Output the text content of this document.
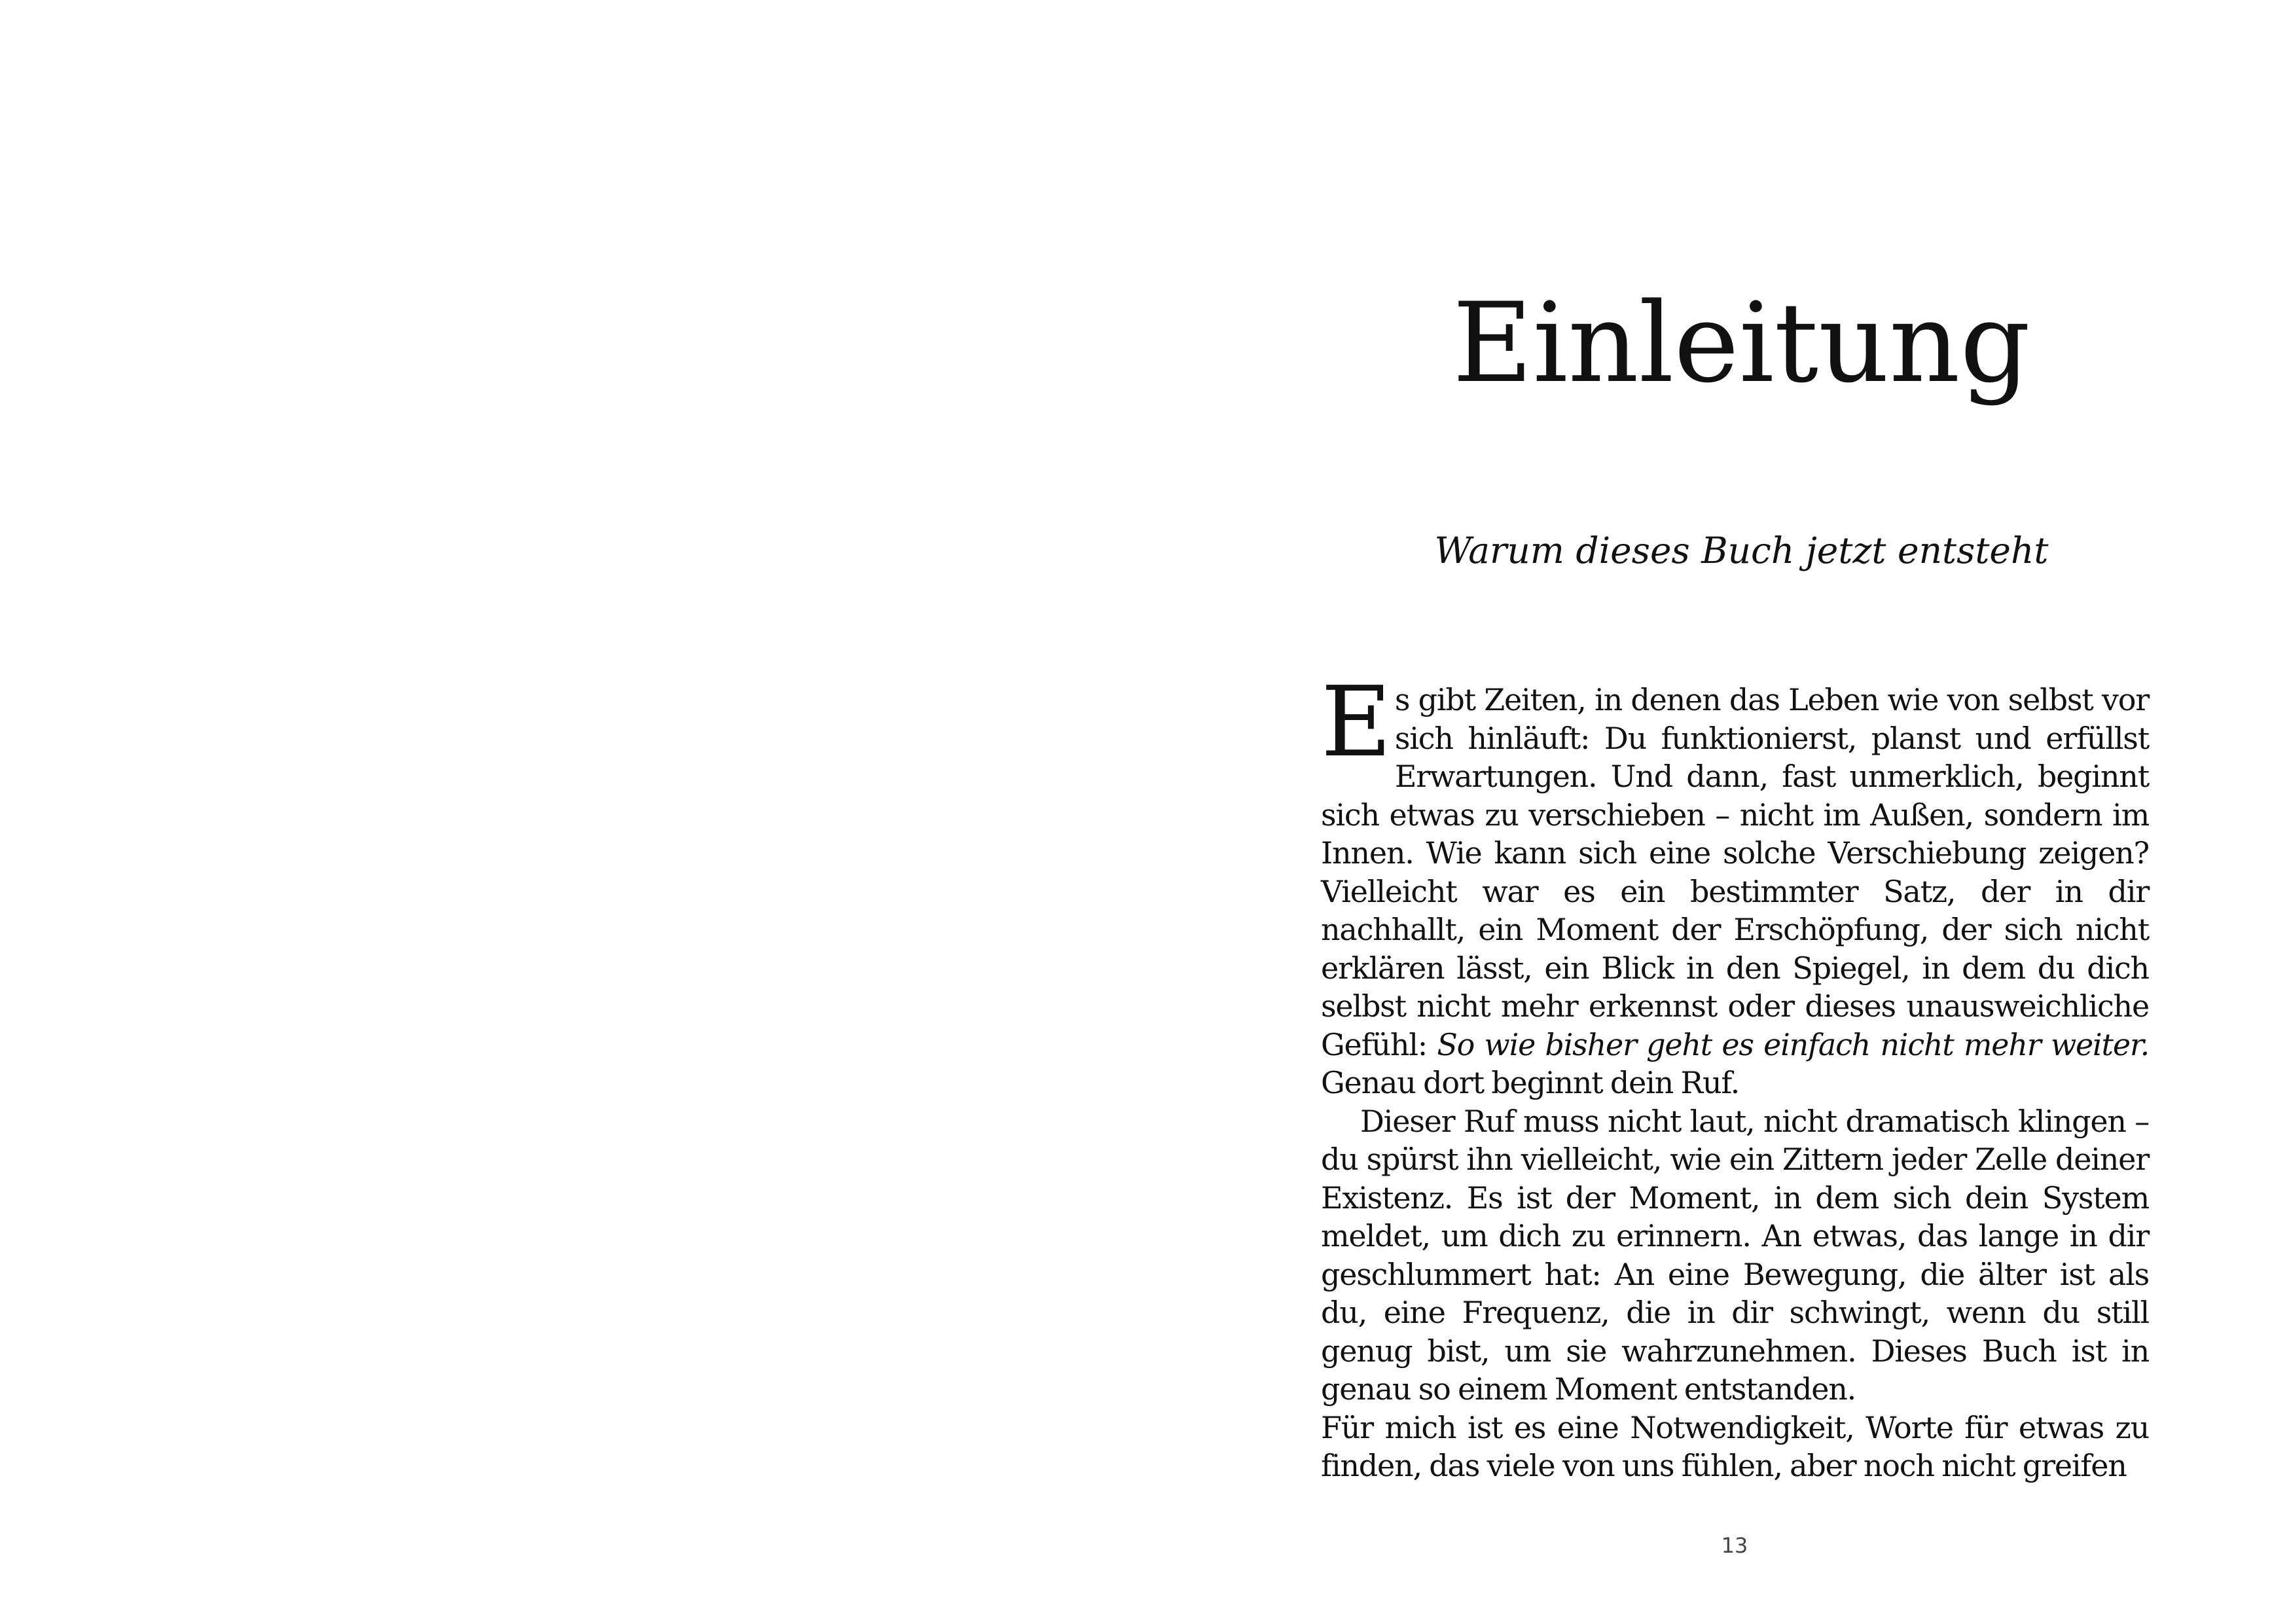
Einleitung
Warum dieses Buch jetzt entsteht

Es gibt Zeiten, in denen das Leben wie von selbst vor sich hinläuft: Du funktionierst, planst und erfüllst Erwartungen. Und dann, fast unmerklich, beginnt sich etwas zu verschieben – nicht im Außen, sondern im Innen. Wie kann sich eine solche Verschiebung zeigen? Vielleicht war es ein bestimmter Satz, der in dir nachhallt, ein Moment der Erschöpfung, der sich nicht erklären lässt, ein Blick in den Spiegel, in dem du dich selbst nicht mehr erkennst oder dieses unausweichliche Gefühl: So wie bisher geht es einfach nicht mehr weiter. Genau dort beginnt dein Ruf.

Dieser Ruf muss nicht laut, nicht dramatisch klingen – du spürst ihn vielleicht, wie ein Zittern jeder Zelle deiner Existenz. Es ist der Moment, in dem sich dein System meldet, um dich zu erinnern. An etwas, das lange in dir geschlummert hat: An eine Bewegung, die älter ist als du, eine Frequenz, die in dir schwingt, wenn du still genug bist, um sie wahrzunehmen. Dieses Buch ist in genau so einem Moment entstanden.

Für mich ist es eine Notwendigkeit, Worte für etwas zu finden, das viele von uns fühlen, aber noch nicht greifen

13
